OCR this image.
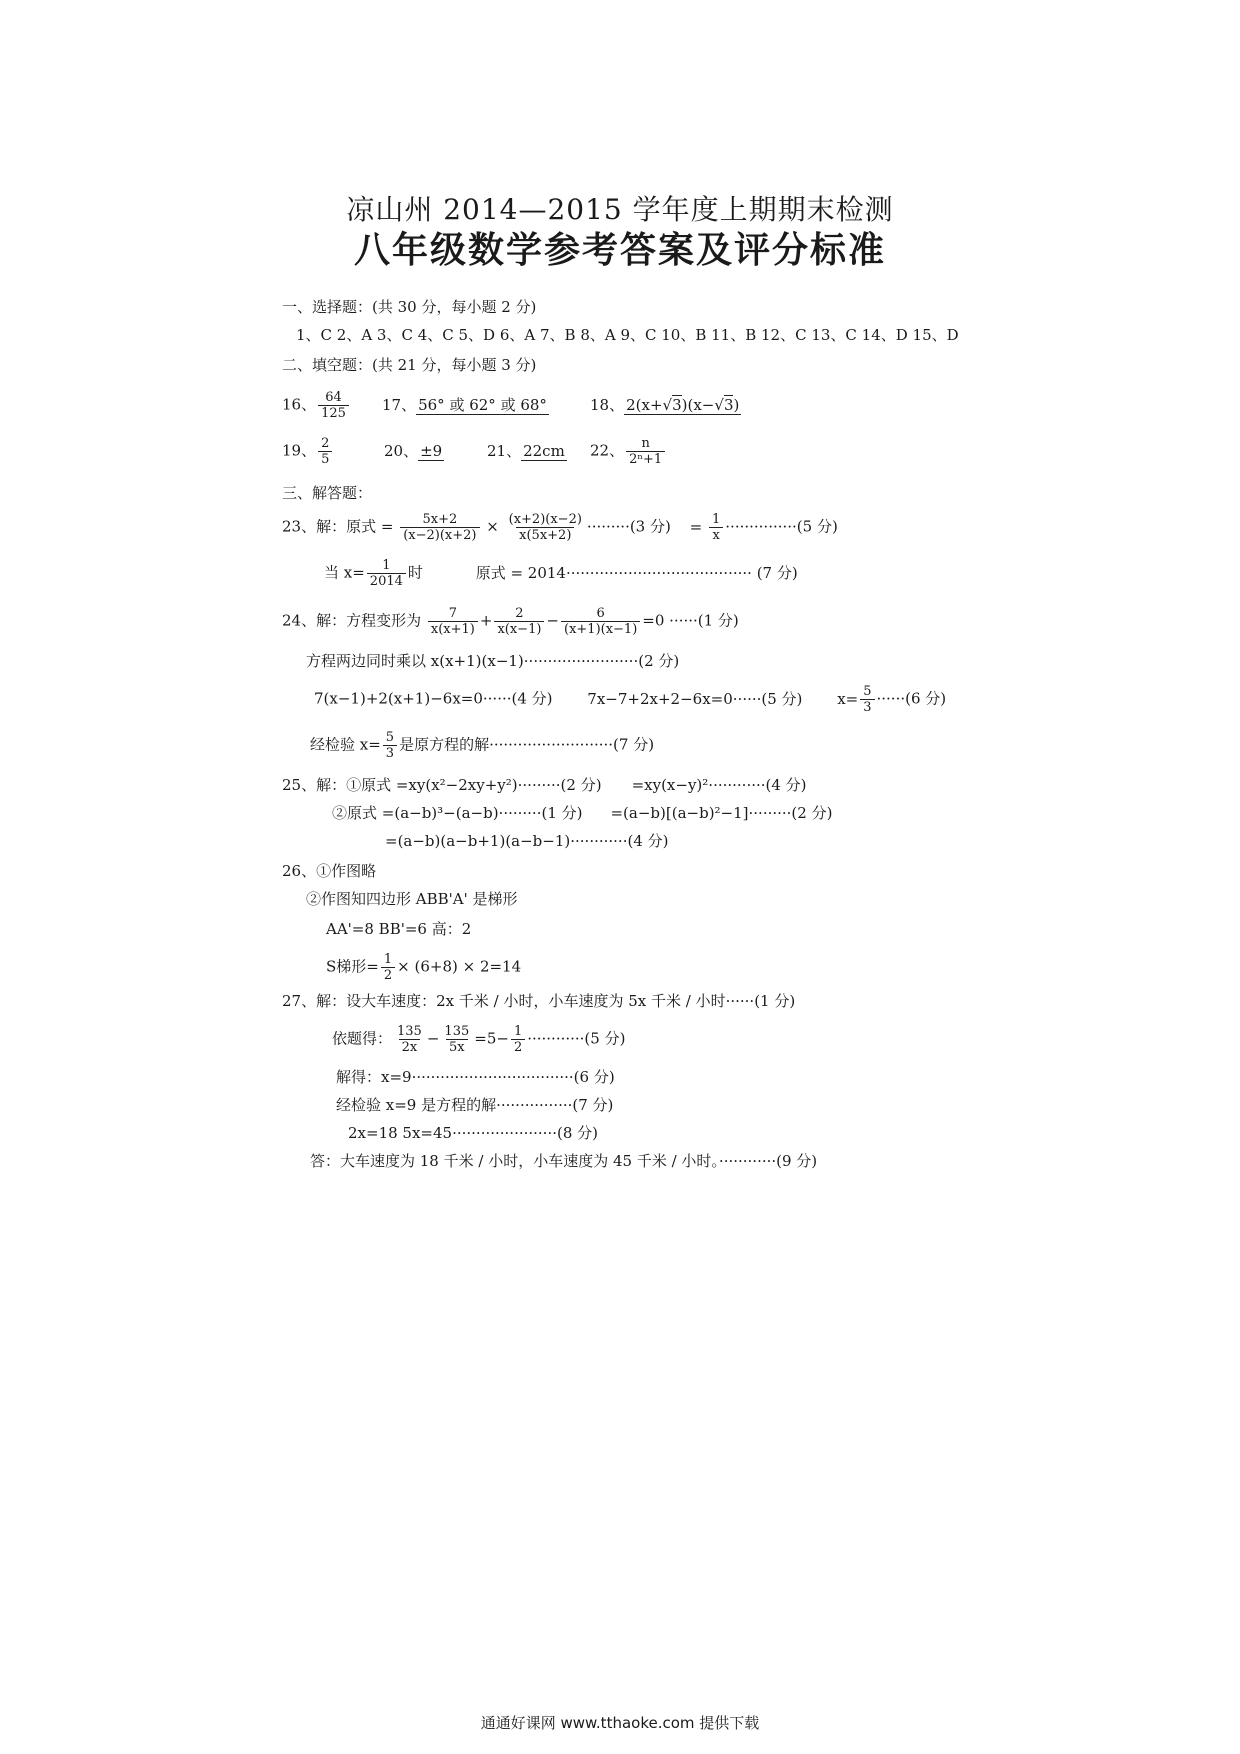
凉山州 2014—2015 学年度上期期末检测
八年级数学参考答案及评分标准
一、选择题：(共 30 分，每小题 2 分)
1、C 2、A 3、C 4、C 5、D 6、A 7、B 8、A 9、C 10、B 11、B 12、C 13、C 14、D 15、D
二、填空题：(共 21 分，每小题 3 分)
16、 $\frac{64}{125} 17$、 56° 或 62° 或 68°	18、 2(x+√3)(x−√3)
19、 $\frac{2}{5}$	20、 ±9	21、 22cm 22、 $\frac{n}{\text{2ⁿ+1}}$
三、解答题：
23、解：原式 = $\frac{5x+2}{(x-2)(x+2)} \times \frac{(x+2)(x-2)}{x(5x+2)} \cdot\cdot\cdot\cdot\cdot\cdot\cdot\cdot\cdot(3$ 分) = $\frac{1}{x} \cdot\cdot\cdot\cdot\cdot\cdot\cdot\cdot\cdot\cdot\cdot\cdot\cdot\cdot\cdot(5$ 分)
当 $x= \frac{1}{2014}$ 时	原式 = 2014······································· (7 分)
24、解：方程变形为 $\frac{7}{x(x+1)} + \frac{2}{x(x-1)} - \frac{6}{(x+1)(x-1)} =0 \cdot\cdot\cdot\cdot\cdot\cdot(1$ 分)
方程两边同时乘以 x(x+1)(x−1)························(2 分)
7(x−1)+2(x+1)−6x=0······(4 分) 7x−7+2x+2−6x=0······(5 分) $x= \frac{5}{3} \cdot\cdot\cdot\cdot\cdot\cdot(6$ 分)
经检验 $x= \frac{5}{3}$ 是原方程的解··························(7 分)
25、解：①原式 =xy(x²−2xy+y²)·········(2 分) =xy(x−y)²············(4 分)
②原式 =(a−b)³−(a−b)·········(1 分) =(a−b)[(a−b)²−1]·········(2 分)
=(a−b)(a−b+1)(a−b−1)············(4 分)
26、①作图略
②作图知四边形 ABB'A' 是梯形
AA'=8 BB'=6 高：2
S梯形= $\frac{1}{2} \times (6+8) \times 2=14$
27、解：设大车速度：2x 千米 / 小时，小车速度为 5x 千米 / 小时······(1 分)
依题得： $\frac{135}{2x} - \frac{135}{5x} =5- \frac{1}{2} \cdot\cdot\cdot\cdot\cdot\cdot\cdot\cdot\cdot\cdot\cdot\cdot(5$ 分)
解得：x=9··································(6 分)
经检验 x=9 是方程的解················(7 分)
2x=18 5x=45······················(8 分)
答：大车速度为 18 千米 / 小时，小车速度为 45 千米 / 小时。············(9 分)
通通好课网 www.tthaoke.com 提供下载
